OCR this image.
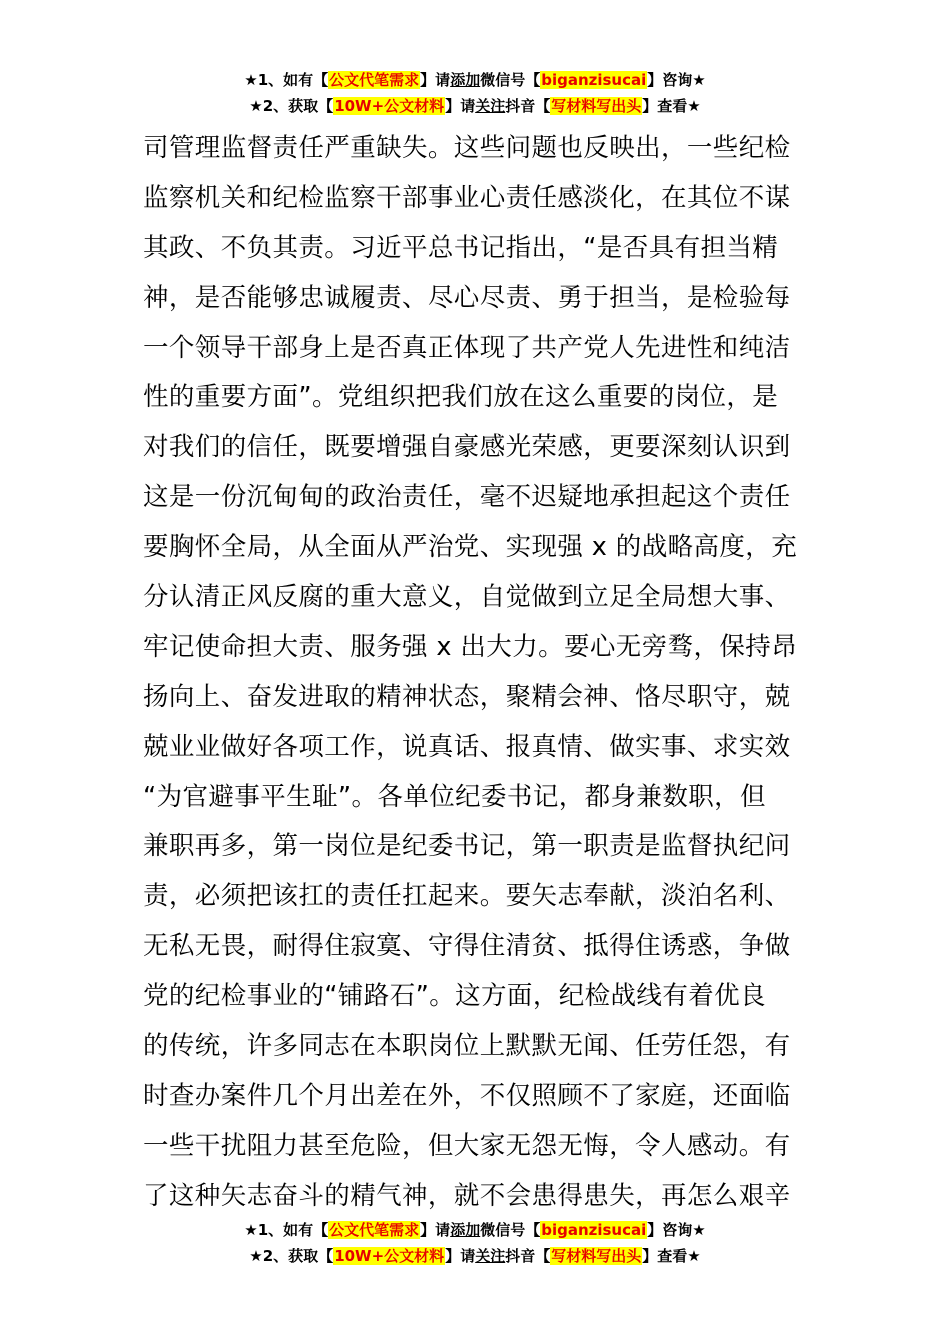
★1、如有【公文代笔需求】请添加微信号【biganzisucai】咨询★
★2、获取【10W+公文材料】请关注抖音【写材料写出头】查看★
司管理监督责任严重缺失。这些问题也反映出，一些纪检
监察机关和纪检监察干部事业心责任感淡化，在其位不谋
其政、不负其责。习近平总书记指出，“是否具有担当精
神，是否能够忠诚履责、尽心尽责、勇于担当，是检验每
一个领导干部身上是否真正体现了共产党人先进性和纯洁
性的重要方面”。党组织把我们放在这么重要的岗位，是
对我们的信任，既要增强自豪感光荣感，更要深刻认识到
这是一份沉甸甸的政治责任，毫不迟疑地承担起这个责任
要胸怀全局，从全面从严治党、实现强 x 的战略高度，充
分认清正风反腐的重大意义，自觉做到立足全局想大事、
牢记使命担大责、服务强 x 出大力。要心无旁骛，保持昂
扬向上、奋发进取的精神状态，聚精会神、恪尽职守，兢
兢业业做好各项工作，说真话、报真情、做实事、求实效
“为官避事平生耻”。各单位纪委书记，都身兼数职，但
兼职再多，第一岗位是纪委书记，第一职责是监督执纪问
责，必须把该扛的责任扛起来。要矢志奉献，淡泊名利、
无私无畏，耐得住寂寞、守得住清贫、抵得住诱惑，争做
党的纪检事业的“铺路石”。这方面，纪检战线有着优良
的传统，许多同志在本职岗位上默默无闻、任劳任怨，有
时查办案件几个月出差在外，不仅照顾不了家庭，还面临
一些干扰阻力甚至危险，但大家无怨无悔，令人感动。有
了这种矢志奋斗的精气神，就不会患得患失，再怎么艰辛
★1、如有【公文代笔需求】请添加微信号【biganzisucai】咨询★
★2、获取【10W+公文材料】请关注抖音【写材料写出头】查看★
